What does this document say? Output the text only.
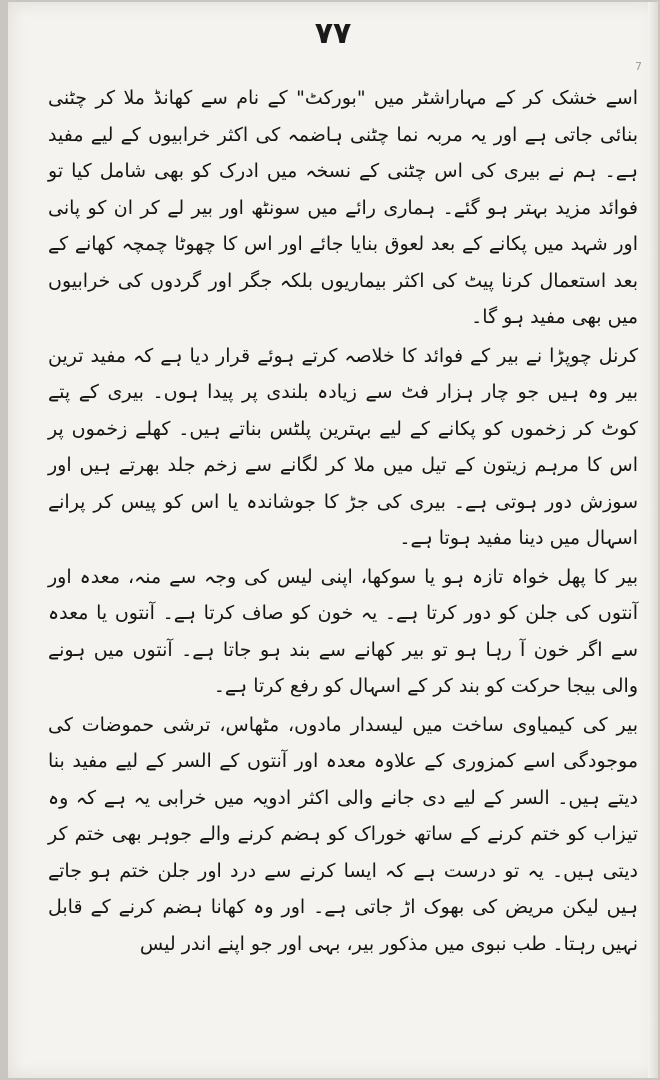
۷۷
7

اسے خشک کر کے مہاراشٹر میں "بورکٹ" کے نام سے کھانڈ ملا کر چٹنی بنائی جاتی ہے اور یہ مربہ نما چٹنی ہاضمہ کی اکثر خرابیوں کے لیے مفید ہے۔ ہم نے بیری کی اس چٹنی کے نسخہ میں ادرک کو بھی شامل کیا تو فوائد مزید بہتر ہو گئے۔ ہماری رائے میں سونٹھ اور بیر لے کر ان کو پانی اور شہد میں پکانے کے بعد لعوق بنایا جائے اور اس کا چھوٹا چمچہ کھانے کے بعد استعمال کرنا پیٹ کی اکثر بیماریوں بلکہ جگر اور گردوں کی خرابیوں میں بھی مفید ہو گا۔

کرنل چوپڑا نے بیر کے فوائد کا خلاصہ کرتے ہوئے قرار دیا ہے کہ مفید ترین بیر وہ ہیں جو چار ہزار فٹ سے زیادہ بلندی پر پیدا ہوں۔ بیری کے پتے کوٹ کر زخموں کو پکانے کے لیے بہترین پلٹس بناتے ہیں۔ کھلے زخموں پر اس کا مرہم زیتون کے تیل میں ملا کر لگانے سے زخم جلد بھرتے ہیں اور سوزش دور ہوتی ہے۔ بیری کی جڑ کا جوشاندہ یا اس کو پیس کر پرانے اسہال میں دینا مفید ہوتا ہے۔

بیر کا پھل خواہ تازہ ہو یا سوکھا، اپنی لیس کی وجہ سے منہ، معدہ اور آنتوں کی جلن کو دور کرتا ہے۔ یہ خون کو صاف کرتا ہے۔ آنتوں یا معدہ سے اگر خون آ رہا ہو تو بیر کھانے سے بند ہو جاتا ہے۔ آنتوں میں ہونے والی بیجا حرکت کو بند کر کے اسہال کو رفع کرتا ہے۔

بیر کی کیمیاوی ساخت میں لیسدار مادوں، مٹھاس، ترشی حموضات کی موجودگی اسے کمزوری کے علاوہ معدہ اور آنتوں کے السر کے لیے مفید بنا دیتے ہیں۔ السر کے لیے دی جانے والی اکثر ادویہ میں خرابی یہ ہے کہ وہ تیزاب کو ختم کرنے کے ساتھ خوراک کو ہضم کرنے والے جوہر بھی ختم کر دیتی ہیں۔ یہ تو درست ہے کہ ایسا کرنے سے درد اور جلن ختم ہو جاتے ہیں لیکن مریض کی بھوک اڑ جاتی ہے۔ اور وہ کھانا ہضم کرنے کے قابل نہیں رہتا۔ طب نبوی میں مذکور بیر، بہی اور جو اپنے اندر لیس
